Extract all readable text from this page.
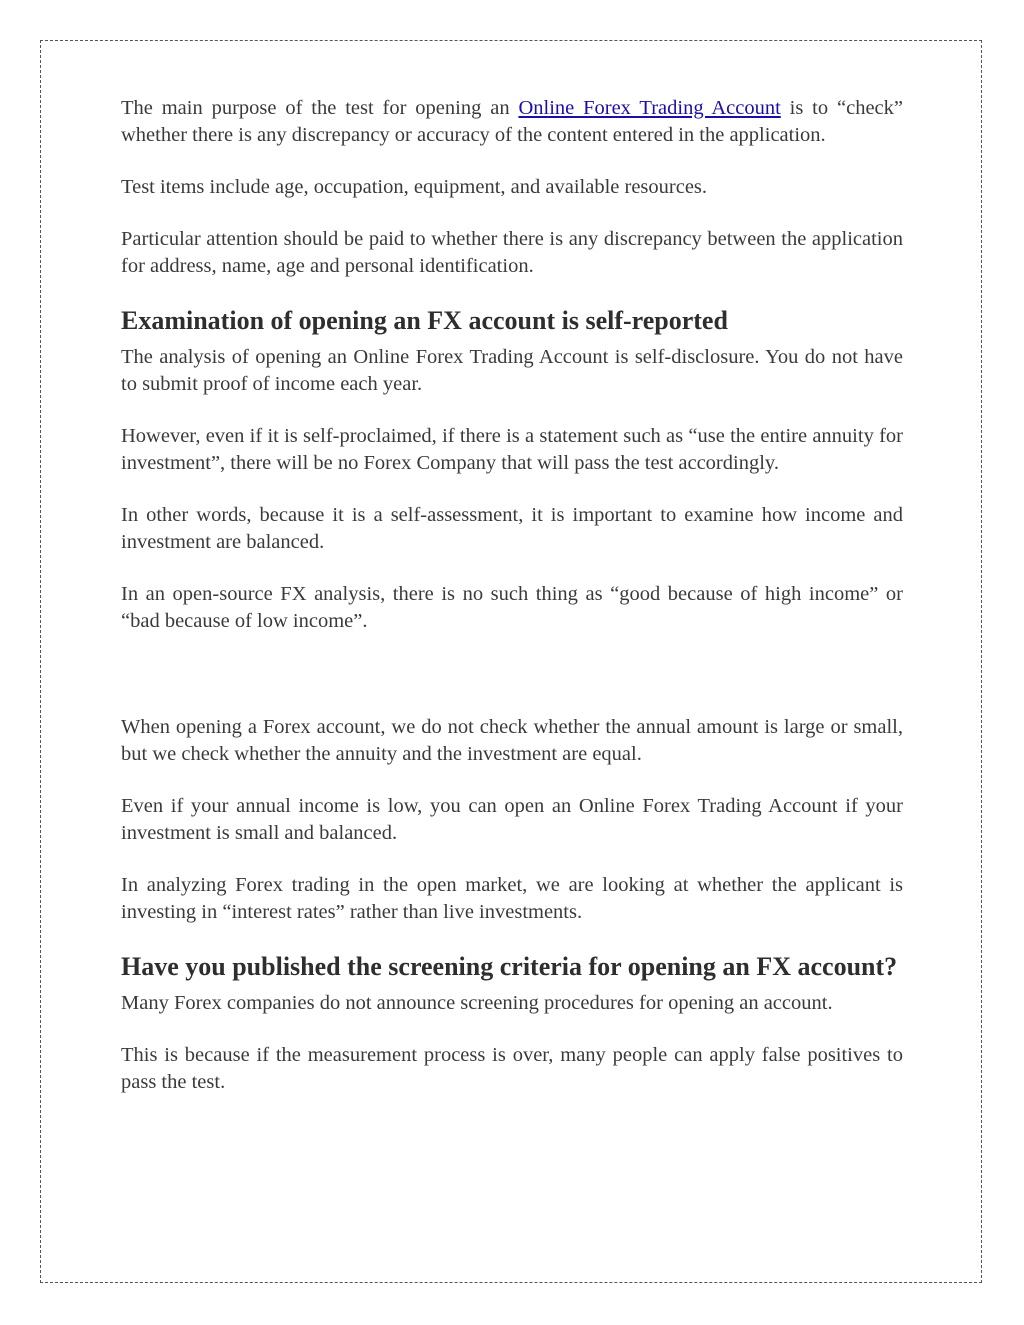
The main purpose of the test for opening an Online Forex Trading Account is to “check” whether there is any discrepancy or accuracy of the content entered in the application.

Test items include age, occupation, equipment, and available resources.

Particular attention should be paid to whether there is any discrepancy between the application for address, name, age and personal identification.

Examination of opening an FX account is self-reported

The analysis of opening an Online Forex Trading Account is self-disclosure. You do not have to submit proof of income each year.

However, even if it is self-proclaimed, if there is a statement such as “use the entire annuity for investment”, there will be no Forex Company that will pass the test accordingly.

In other words, because it is a self-assessment, it is important to examine how income and investment are balanced.

In an open-source FX analysis, there is no such thing as “good because of high income” or “bad because of low income”.

When opening a Forex account, we do not check whether the annual amount is large or small, but we check whether the annuity and the investment are equal.

Even if your annual income is low, you can open an Online Forex Trading Account if your investment is small and balanced.

In analyzing Forex trading in the open market, we are looking at whether the applicant is investing in “interest rates” rather than live investments.

Have you published the screening criteria for opening an FX account?

Many Forex companies do not announce screening procedures for opening an account.

This is because if the measurement process is over, many people can apply false positives to pass the test.
